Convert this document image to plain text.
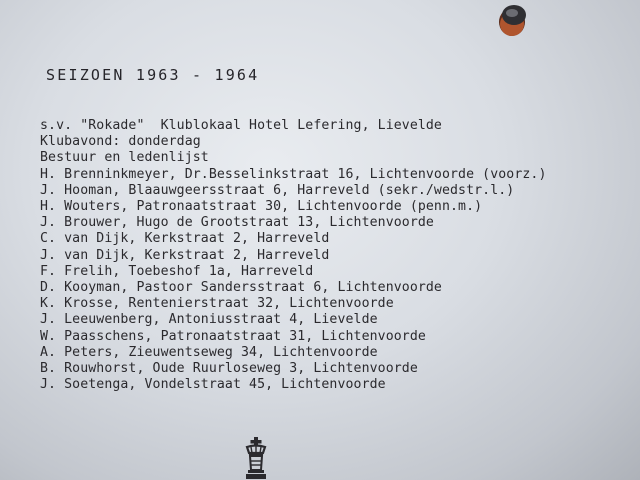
SEIZOEN 1963 - 1964
s.v. "Rokade"  Klublokaal Hotel Lefering, Lievelde
Klubavond: donderdag
Bestuur en ledenlijst
H. Brenninkmeyer, Dr.Besselinkstraat 16, Lichtenvoorde (voorz.)
J. Hooman, Blaauwgeersstraat 6, Harreveld (sekr./wedstr.l.)
H. Wouters, Patronaatstraat 30, Lichtenvoorde (penn.m.)
J. Brouwer, Hugo de Grootstraat 13, Lichtenvoorde
C. van Dijk, Kerkstraat 2, Harreveld
J. van Dijk, Kerkstraat 2, Harreveld
F. Frelih, Toebeshof 1a, Harreveld
D. Kooyman, Pastoor Sandersstraat 6, Lichtenvoorde
K. Krosse, Rentenierstraat 32, Lichtenvoorde
J. Leeuwenberg, Antoniusstraat 4, Lievelde
W. Paasschens, Patronaatstraat 31, Lichtenvoorde
A. Peters, Zieuwentseweg 34, Lichtenvoorde
B. Rouwhorst, Oude Ruurloseweg 3, Lichtenvoorde
J. Soetenga, Vondelstraat 45, Lichtenvoorde
